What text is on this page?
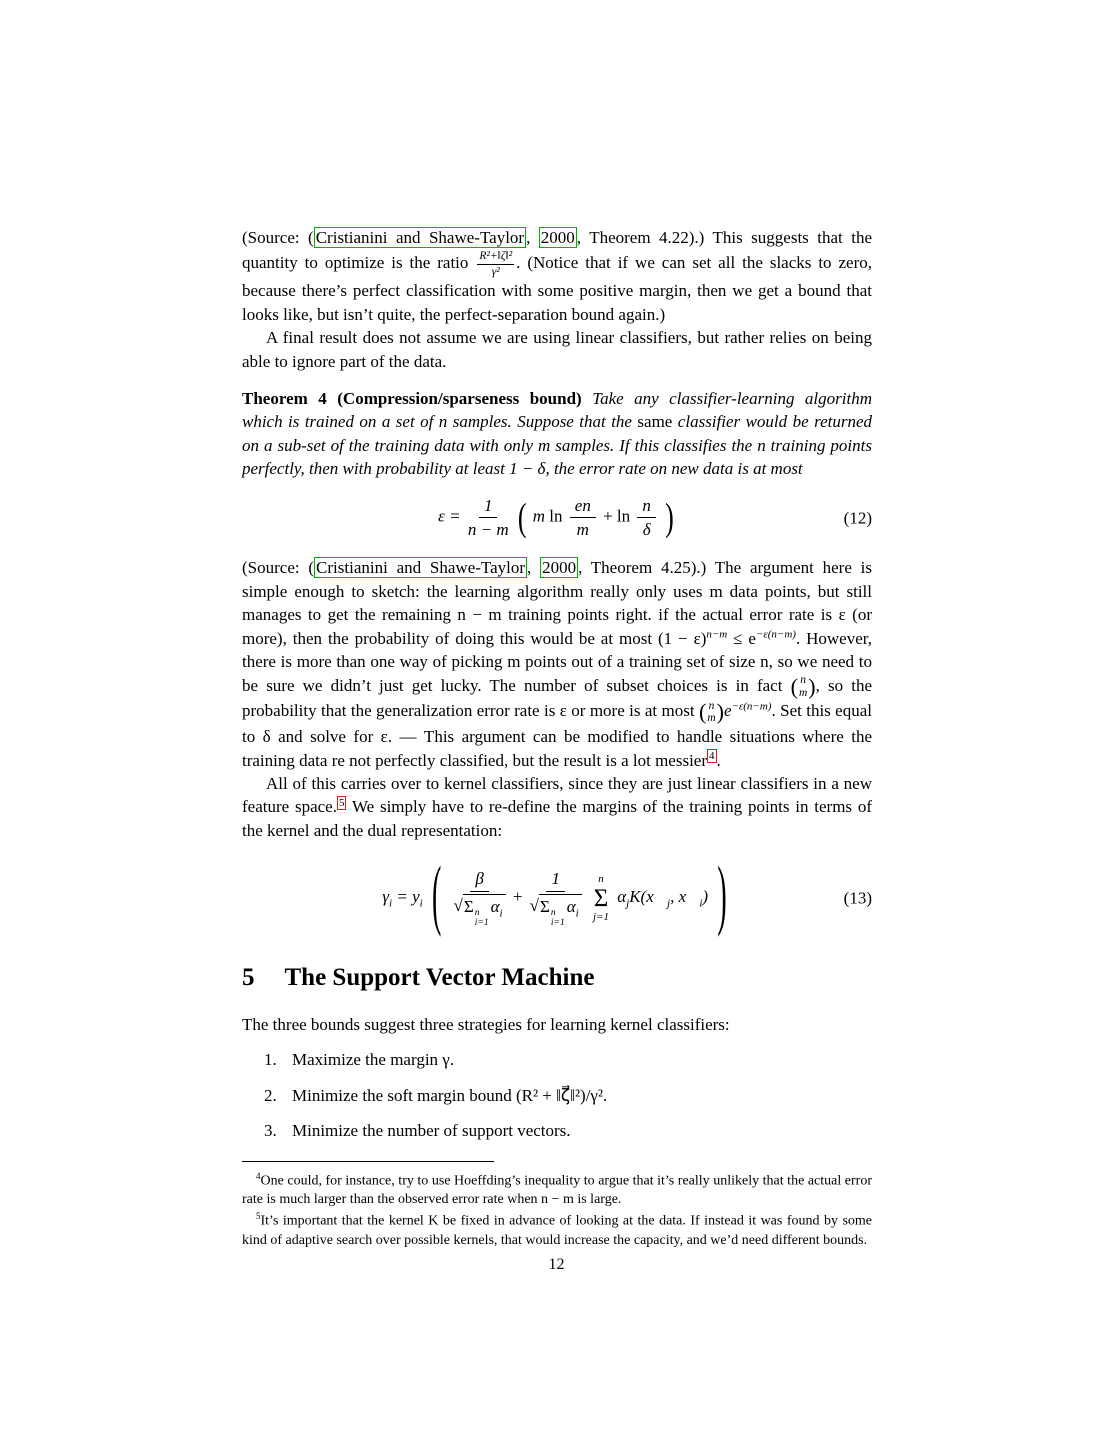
(Source: ( Cristianini and Shawe-Taylor , 2000 , Theorem 4.22).) This suggests that the quantity to optimize is the ratio $\frac{\text{R²+‖ζ‖²}}{\text{γ²}}$ . (Notice that if we can set all the slacks to zero, because there’s perfect classification with some positive margin, then we get a bound that looks like, but isn’t quite, the perfect-separation bound again.)

A final result does not assume we are using linear classifiers, but rather relies on being able to ignore part of the data.

Theorem 4 (Compression/sparseness bound) Take any classifier-learning algorithm which is trained on a set of n samples. Suppose that the same classifier would be returned on a sub-set of the training data with only m samples. If this classifies the n training points perfectly, then with probability at least 1 − δ, the error rate on new data is at most
$\varepsilon = \frac{1}{n - m}$ ( m $\ln \frac{en}{m} + \ln \frac{n}{\delta}$ )	(12)

(Source: ( Cristianini and Shawe-Taylor , 2000 , Theorem 4.25).) The argument here is simple enough to sketch: the learning algorithm really only uses m data points, but still manages to get the remaining n − m training points right. if the actual error rate is ε (or more), then the probability of doing this would be at most $(1 - \varepsilon)^{n-m} \le e^{-\varepsilon(n-m)}$. However, there is more than one way of picking m points out of a training set of size n, so we need to be sure we didn’t just get lucky. The number of subset choices is in fact ( n
m ) , so the probability that the generalization error rate is ε or more is at most ( n
m ) $e^{-\varepsilon(n-m)}$. Set this equal to δ and solve for ε. — This argument can be modified to handle situations where the training data re not perfectly classified, but the result is a lot messier $^4$ .

All of this carries over to kernel classifiers, since they are just linear classifiers in a new feature space. $^5$ We simply have to re-define the margins of the training points in terms of the kernel and the dual representation:

$\gamma_i = y_i$ ( β
√ Σ n
i=1
$\alpha_i + 1$
√ Σ n
i=1
$\alpha_i$
n
Σ
j=1
$\alpha_jK(x⃗_j$, $x⃗_i$) )	(13)
5 The Support Vector Machine

The three bounds suggest three strategies for learning kernel classifiers:

1. Maximize the margin γ.
2. Minimize the soft margin bound (R² + ‖ζ⃗‖²)/γ².
3. Minimize the number of support vectors.

$^4$One could, for instance, try to use Hoeffding’s inequality to argue that it’s really unlikely that the actual error rate is much larger than the observed error rate when n − m is large.

$^5$It’s important that the kernel K be fixed in advance of looking at the data. If instead it was found by some kind of adaptive search over possible kernels, that would increase the capacity, and we’d need different bounds.

12
